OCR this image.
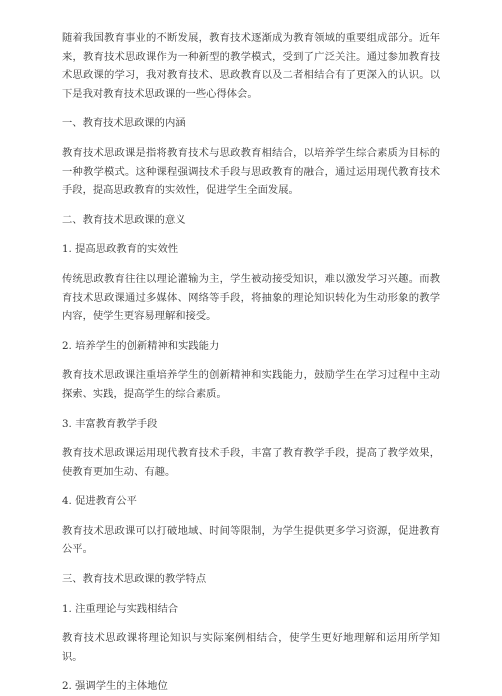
随着我国教育事业的不断发展，教育技术逐渐成为教育领域的重要组成部分。近年来，教育技术思政课作为一种新型的教学模式，受到了广泛关注。通过参加教育技术思政课的学习，我对教育技术、思政教育以及二者相结合有了更深入的认识。以下是我对教育技术思政课的一些心得体会。

一、教育技术思政课的内涵

教育技术思政课是指将教育技术与思政教育相结合，以培养学生综合素质为目标的一种教学模式。这种课程强调技术手段与思政教育的融合，通过运用现代教育技术手段，提高思政教育的实效性，促进学生全面发展。

二、教育技术思政课的意义

1. 提高思政教育的实效性

传统思政教育往往以理论灌输为主，学生被动接受知识，难以激发学习兴趣。而教育技术思政课通过多媒体、网络等手段，将抽象的理论知识转化为生动形象的教学内容，使学生更容易理解和接受。

2. 培养学生的创新精神和实践能力

教育技术思政课注重培养学生的创新精神和实践能力，鼓励学生在学习过程中主动探索、实践，提高学生的综合素质。

3. 丰富教育教学手段

教育技术思政课运用现代教育技术手段，丰富了教育教学手段，提高了教学效果，使教育更加生动、有趣。

4. 促进教育公平

教育技术思政课可以打破地域、时间等限制，为学生提供更多学习资源，促进教育公平。

三、教育技术思政课的教学特点

1. 注重理论与实践相结合

教育技术思政课将理论知识与实际案例相结合，使学生更好地理解和运用所学知识。

2. 强调学生的主体地位
